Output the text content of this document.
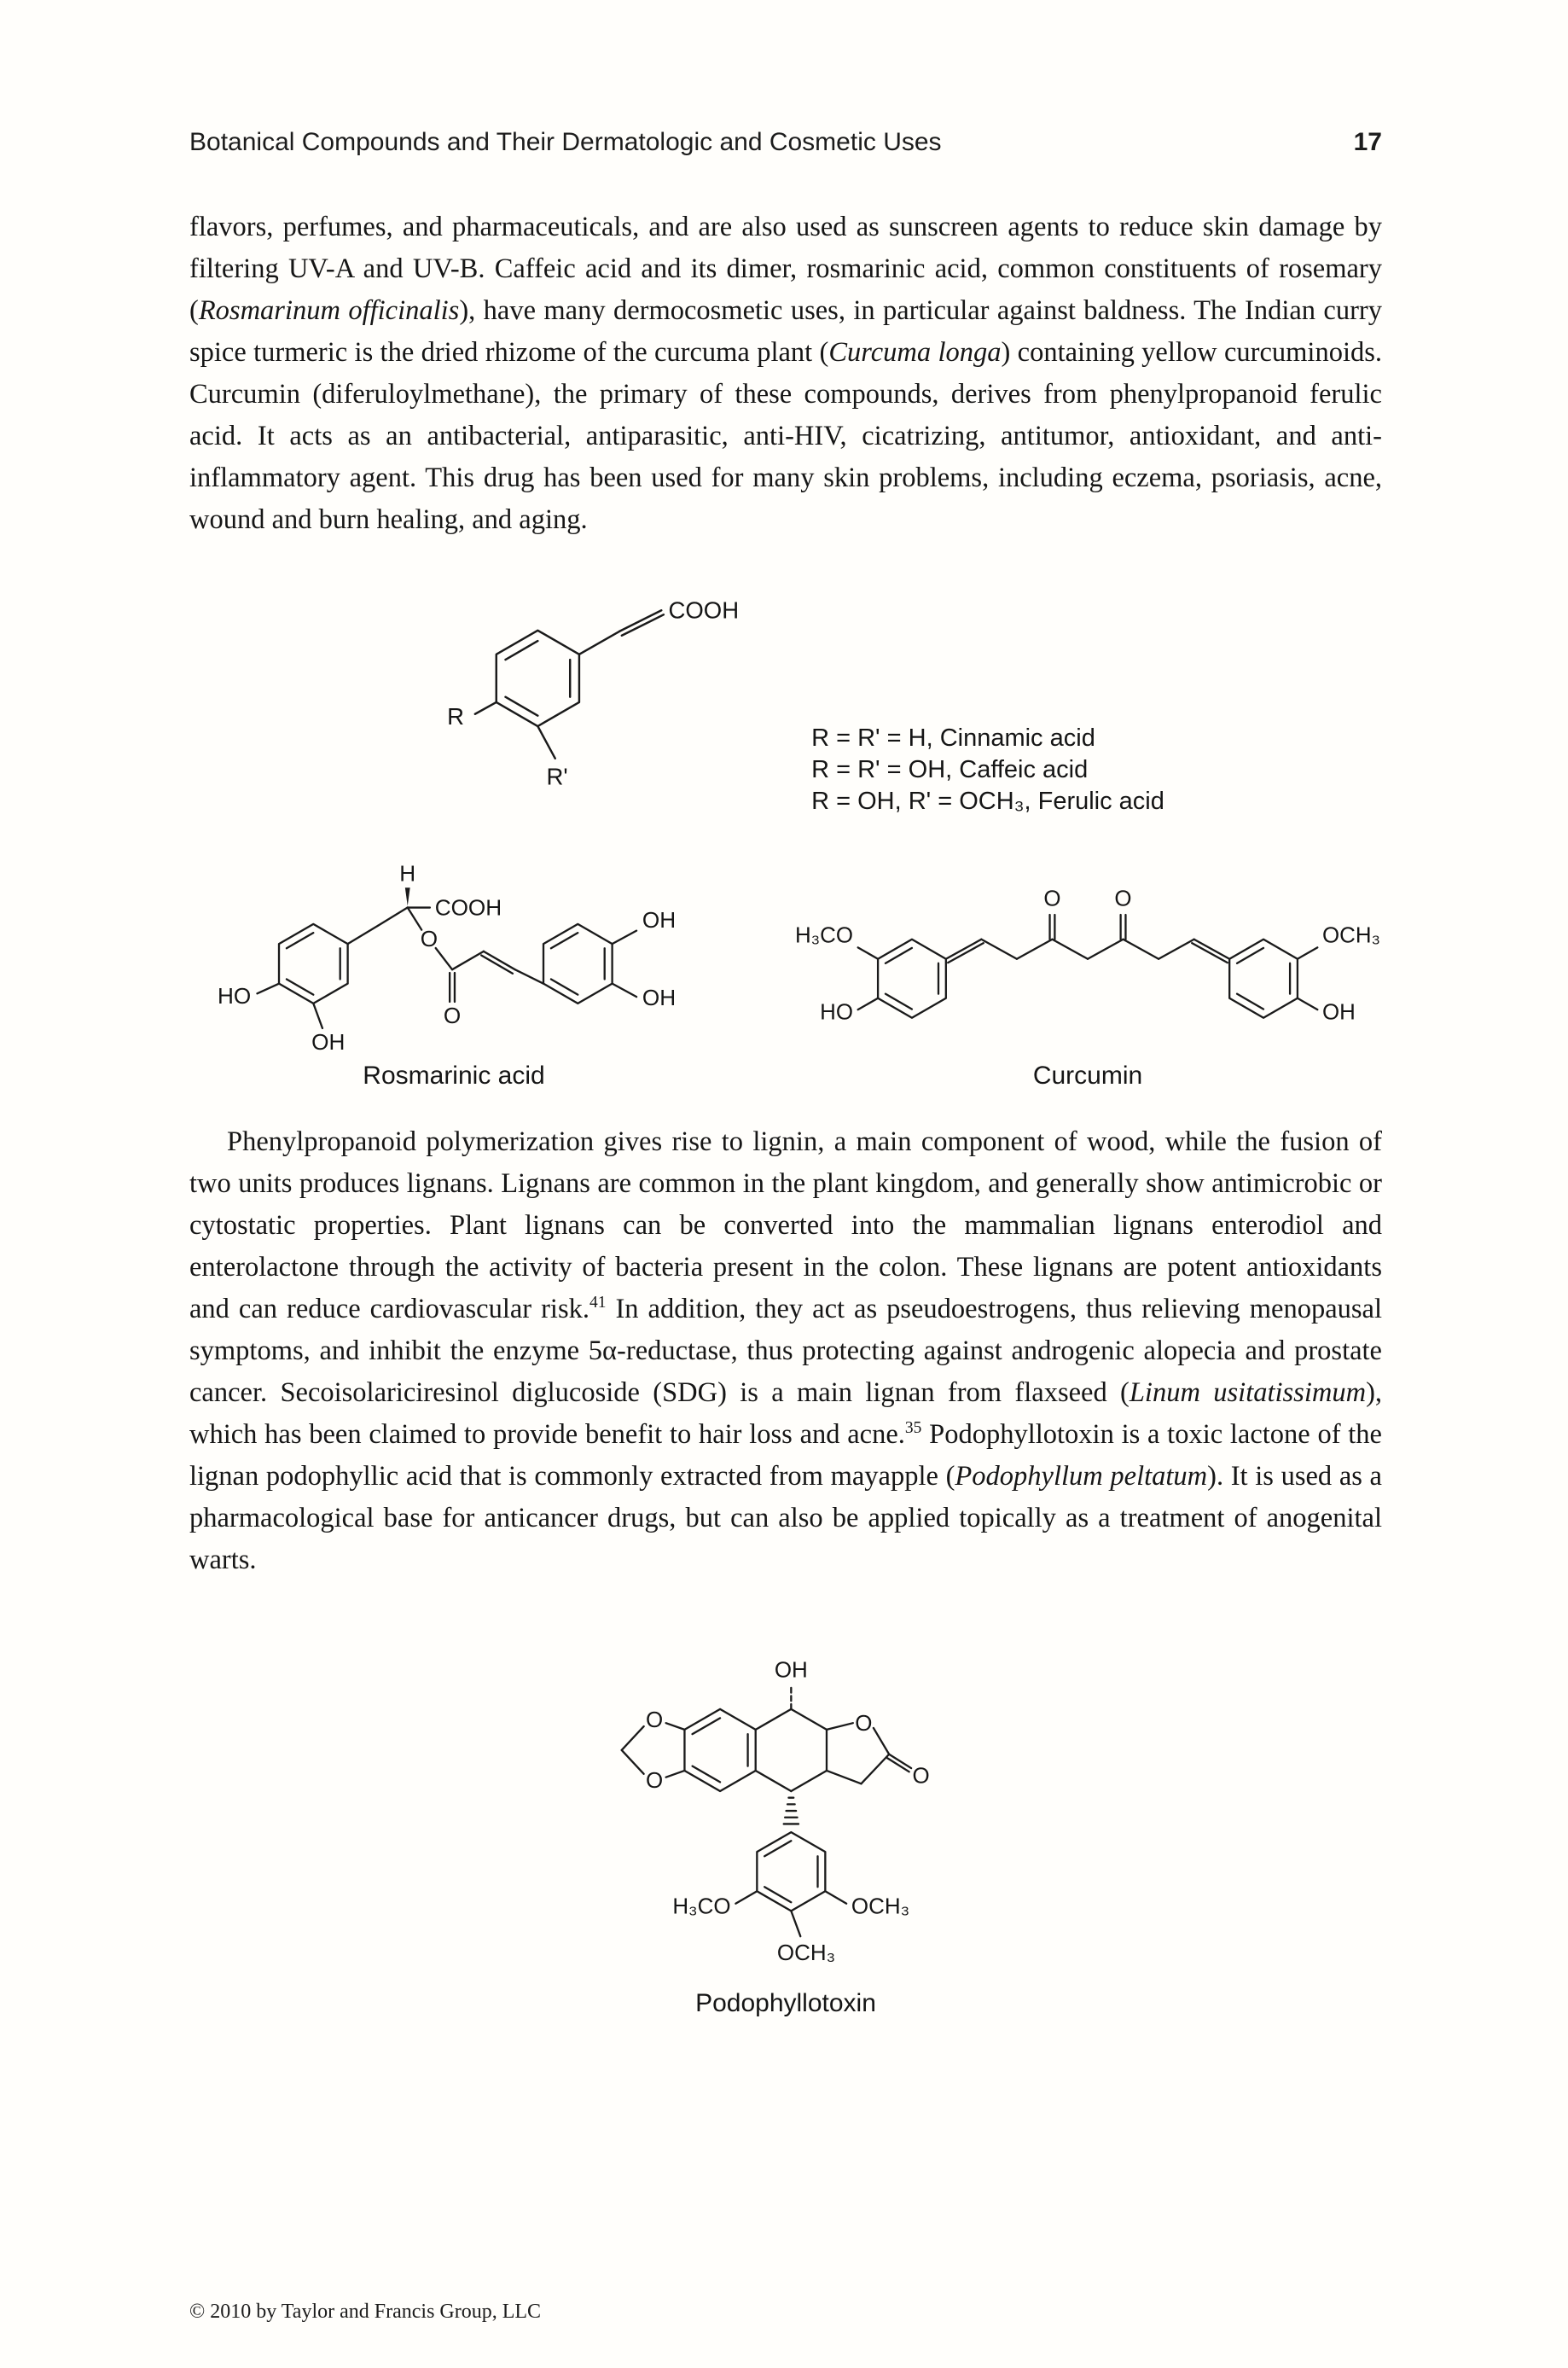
Botanical Compounds and Their Dermatologic and Cosmetic Uses	17

flavors, perfumes, and pharmaceuticals, and are also used as sunscreen agents to reduce skin damage by filtering UV-A and UV-B. Caffeic acid and its dimer, rosmarinic acid, common constituents of rosemary (Rosmarinum officinalis), have many dermocosmetic uses, in particular against baldness. The Indian curry spice turmeric is the dried rhizome of the curcuma plant (Curcuma longa) containing yellow curcuminoids. Curcumin (diferuloylmethane), the primary of these compounds, derives from phenylpropanoid ferulic acid. It acts as an antibacterial, antiparasitic, anti-HIV, cicatrizing, antitumor, antioxidant, and anti-inflammatory agent. This drug has been used for many skin problems, including eczema, psoriasis, acne, wound and burn healing, and aging.

COOH
R
R'

R = R' = H, Cinnamic acid
R = R' = OH, Caffeic acid
R = OH, R' = OCH₃, Ferulic acid
HO
OH
H
COOH
O
O
OH
OH
Rosmarinic acid
H₃CO
HO
O O
OCH₃
OH
Curcumin

Phenylpropanoid polymerization gives rise to lignin, a main component of wood, while the fusion of two units produces lignans. Lignans are common in the plant kingdom, and generally show antimicrobic or cytostatic properties. Plant lignans can be converted into the mammalian lignans enterodiol and enterolactone through the activity of bacteria present in the colon. These lignans are potent antioxidants and can reduce cardiovascular risk.$^{41}$ In addition, they act as pseudoestrogens, thus relieving menopausal symptoms, and inhibit the enzyme 5α-reductase, thus protecting against androgenic alopecia and prostate cancer. Secoisolariciresinol diglucoside (SDG) is a main lignan from flaxseed (Linum usitatissimum), which has been claimed to provide benefit to hair loss and acne.$^{35}$ Podophyllotoxin is a toxic lactone of the lignan podophyllic acid that is commonly extracted from mayapple (Podophyllum peltatum). It is used as a pharmacological base for anticancer drugs, but can also be applied topically as a treatment of anogenital warts.

O
O
OH
O
O
H₃CO	OCH₃
OCH₃
Podophyllotoxin
© 2010 by Taylor and Francis Group, LLC
